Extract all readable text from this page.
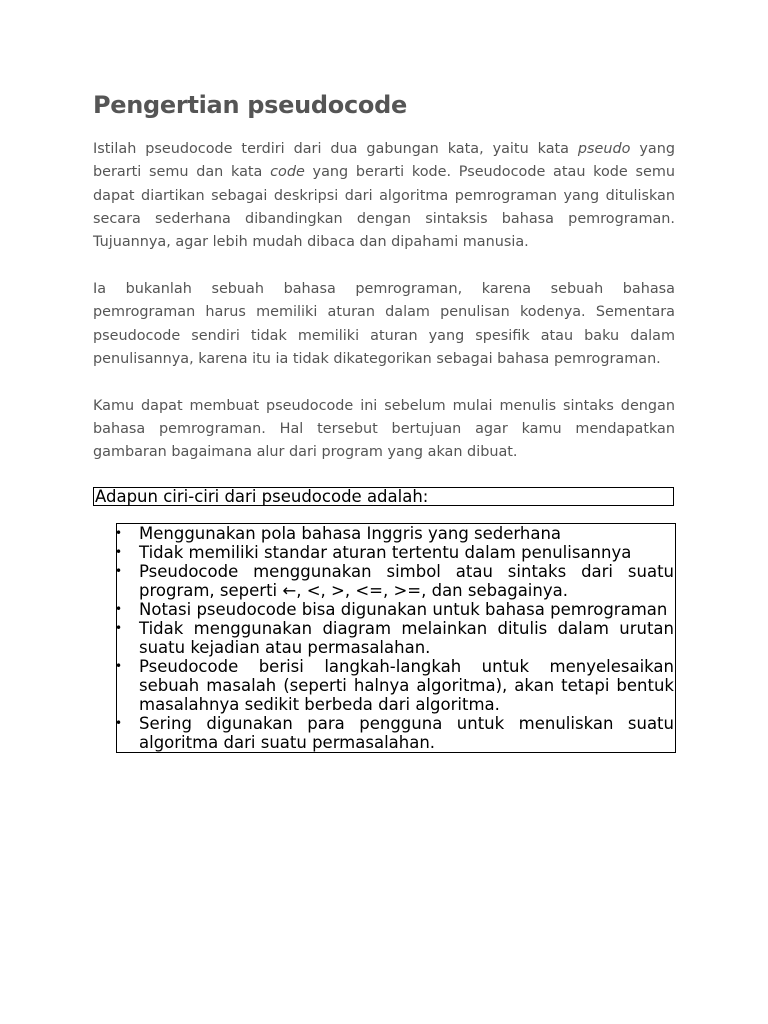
Pengertian pseudocode

Istilah pseudocode terdiri dari dua gabungan kata, yaitu kata pseudo yang berarti semu dan kata code yang berarti kode. Pseudocode atau kode semu dapat diartikan sebagai deskripsi dari algoritma pemrograman yang dituliskan secara sederhana dibandingkan dengan sintaksis bahasa pemrograman. Tujuannya, agar lebih mudah dibaca dan dipahami manusia.

Ia bukanlah sebuah bahasa pemrograman, karena sebuah bahasa pemrograman harus memiliki aturan dalam penulisan kodenya. Sementara pseudocode sendiri tidak memiliki aturan yang spesifik atau baku dalam penulisannya, karena itu ia tidak dikategorikan sebagai bahasa pemrograman.

Kamu dapat membuat pseudocode ini sebelum mulai menulis sintaks dengan bahasa pemrograman. Hal tersebut bertujuan agar kamu mendapatkan gambaran bagaimana alur dari program yang akan dibuat.

Adapun ciri-ciri dari pseudocode adalah:
• Menggunakan pola bahasa Inggris yang sederhana
• Tidak memiliki standar aturan tertentu dalam penulisannya
• Pseudocode menggunakan simbol atau sintaks dari suatu program, seperti ←, <, >, <=, >=, dan sebagainya.
• Notasi pseudocode bisa digunakan untuk bahasa pemrograman
• Tidak menggunakan diagram melainkan ditulis dalam urutan suatu kejadian atau permasalahan.
• Pseudocode berisi langkah-langkah untuk menyelesaikan sebuah masalah (seperti halnya algoritma), akan tetapi bentuk masalahnya sedikit berbeda dari algoritma.
• Sering digunakan para pengguna untuk menuliskan suatu algoritma dari suatu permasalahan.
